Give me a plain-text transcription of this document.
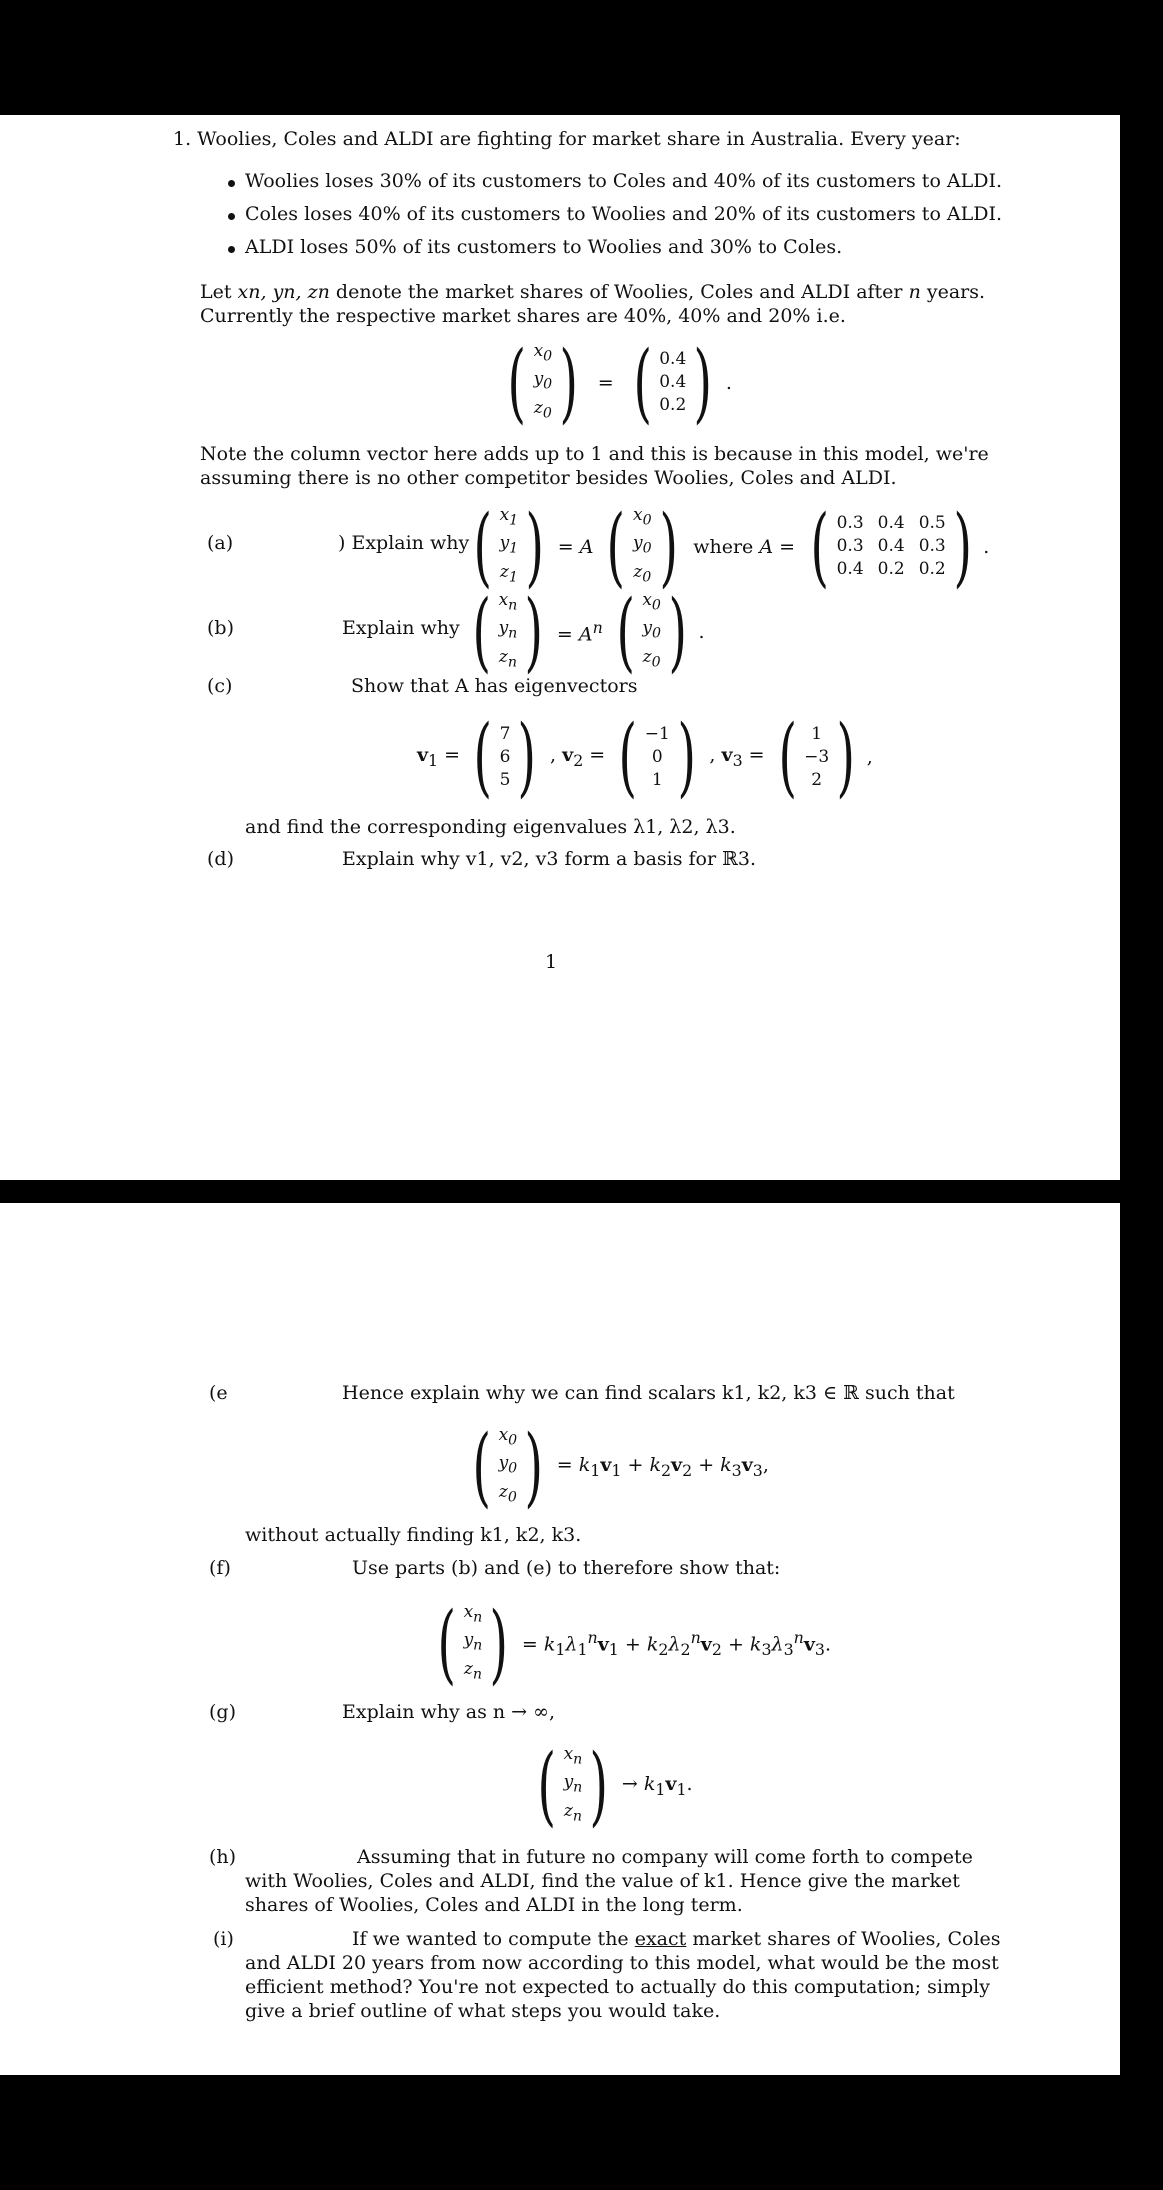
1. Woolies, Coles and ALDI are fighting for market share in Australia. Every year:
Woolies loses 30% of its customers to Coles and 40% of its customers to ALDI.
Coles loses 40% of its customers to Woolies and 20% of its customers to ALDI.
ALDI loses 50% of its customers to Woolies and 30% to Coles.
Let xn, yn, zn denote the market shares of Woolies, Coles and ALDI after n years.
Currently the respective market shares are 40%, 40% and 20% i.e.
( $x_0$
$y_0$
$z_0$ ) = ( 0.4
0.4
0.2 ) .
Note the column vector here adds up to 1 and this is because in this model, we're
assuming there is no other competitor besides Woolies, Coles and ALDI.
(a)	) Explain why ( $x_1$
$y_1$
$z_1$ ) = A ( $x_0$
$y_0$
$z_0$ ) where A = ( 0.3 0.4 0.5
0.3 0.4 0.3
0.4 0.2 0.2 ) .
(b)	Explain why ( $x_n$
$y_n$
$z_n$ ) = $A^n$ ( $x_0$
$y_0$
$z_0$ ) .
(c)	Show that A has eigenvectors
$v_1$ = ( 7
6
5 ) , $v_2$ = ( −1
0
1 ) , $v_3$ = ( 1
−3
2 ) ,
and find the corresponding eigenvalues λ1, λ2, λ3.
(d)	Explain why v1, v2, v3 form a basis for ℝ3.
1
(e	Hence explain why we can find scalars k1, k2, k3 ∈ ℝ such that
( $x_0$
$y_0$
$z_0$ ) = $k_1v_1 + k_2v_2 + k_3v_3$,
without actually finding k1, k2, k3.
(f)	Use parts (b) and (e) to therefore show that:
( $x_n$
$y_n$
$z_n$ ) = $k_1\lambda_1^nv_1 + k_2\lambda_2^nv_2 + k_3\lambda_3^nv_3$.
(g)	Explain why as n → ∞,
( $x_n$
$y_n$
$z_n$ ) → $k_1v_1$.
(h)	Assuming that in future no company will come forth to compete
with Woolies, Coles and ALDI, find the value of k1. Hence give the market
shares of Woolies, Coles and ALDI in the long term.
(i)	If we wanted to compute the exact market shares of Woolies, Coles
and ALDI 20 years from now according to this model, what would be the most
efficient method? You're not expected to actually do this computation; simply
give a brief outline of what steps you would take.
